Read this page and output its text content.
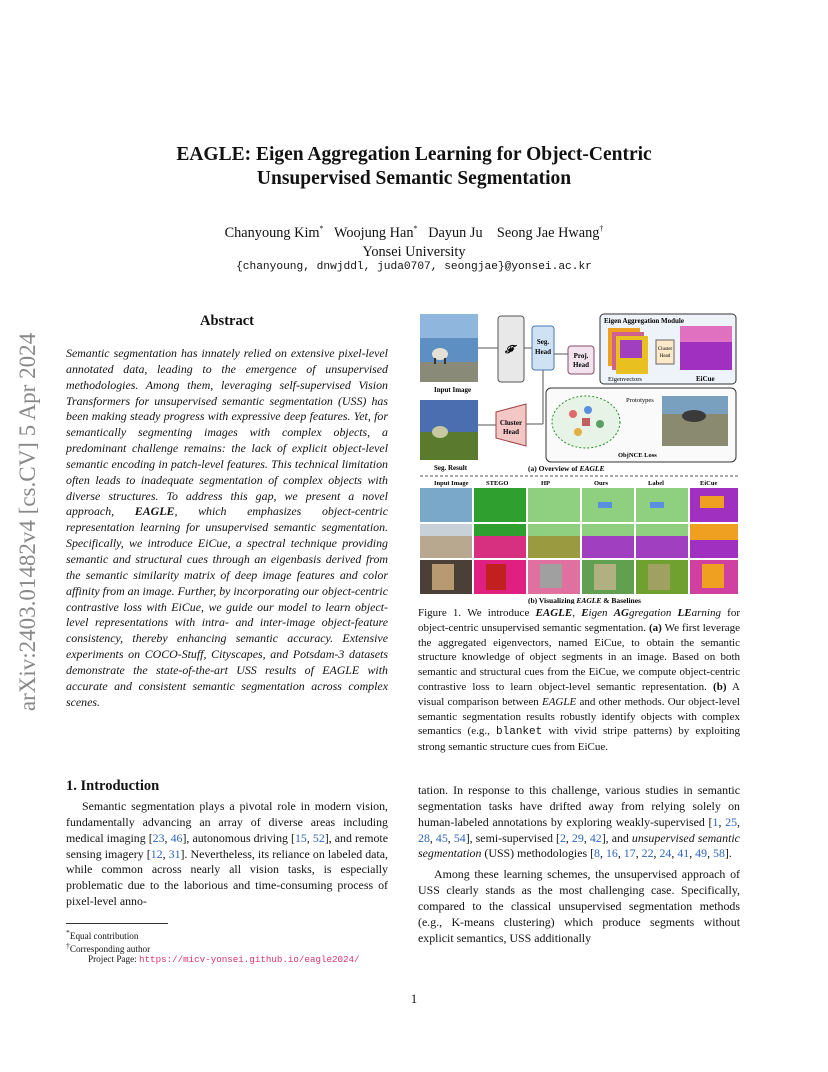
arXiv:2403.01482v4 [cs.CV] 5 Apr 2024
EAGLE: Eigen Aggregation Learning for Object-Centric
Unsupervised Semantic Segmentation
Chanyoung Kim* Woojung Han* Dayun Ju Seong Jae Hwang†
Yonsei University
{chanyoung, dnwjddl, juda0707, seongjae}@yonsei.ac.kr
Abstract
Semantic segmentation has innately relied on extensive pixel-level annotated data, leading to the emergence of unsupervised methodologies. Among them, leveraging self-supervised Vision Transformers for unsupervised semantic segmentation (USS) has been making steady progress with expressive deep features. Yet, for semantically segmenting images with complex objects, a predominant challenge remains: the lack of explicit object-level semantic encoding in patch-level features. This technical limitation often leads to inadequate segmentation of complex objects with diverse structures. To address this gap, we present a novel approach, EAGLE, which emphasizes object-centric representation learning for unsupervised semantic segmentation. Specifically, we introduce EiCue, a spectral technique providing semantic and structural cues through an eigenbasis derived from the semantic similarity matrix of deep image features and color affinity from an image. Further, by incorporating our object-centric contrastive loss with EiCue, we guide our model to learn object-level representations with intra- and inter-image object-feature consistency, thereby enhancing semantic accuracy. Extensive experiments on COCO-Stuff, Cityscapes, and Potsdam-3 datasets demonstrate the state-of-the-art USS results of EAGLE with accurate and consistent semantic segmentation across complex scenes.
1. Introduction
Semantic segmentation plays a pivotal role in modern vision, fundamentally advancing an array of diverse areas including medical imaging [23, 46], autonomous driving [15, 52], and remote sensing imagery [12, 31]. Nevertheless, its reliance on labeled data, while common across nearly all vision tasks, is especially problematic due to the laborious and time-consuming process of pixel-level anno-
*Equal contribution
†Corresponding author
Project Page: https://micv-yonsei.github.io/eagle2024/
Input Image
Seg. Result
𝓕
Seg.
Head	Proj.
Head
Cluster
Head
Eigen Aggregation Module
Eigenvectors
Cluster
Head
EiCue
Prototypes
ObjNCE Loss
(a) Overview of EAGLE
Input Image	STEGO	HP	Ours	Label	EiCue
(b) Visualizing EAGLE & Baselines
Figure 1. We introduce EAGLE, Eigen AGgregation LEarning for object-centric unsupervised semantic segmentation. (a) We first leverage the aggregated eigenvectors, named EiCue, to obtain the semantic structure knowledge of object segments in an image. Based on both semantic and structural cues from the EiCue, we compute object-centric contrastive loss to learn object-level semantic representation. (b) A visual comparison between EAGLE and other methods. Our object-level semantic segmentation results robustly identify objects with complex semantics (e.g., blanket with vivid stripe patterns) by exploiting strong semantic structure cues from EiCue.

tation. In response to this challenge, various studies in semantic segmentation tasks have drifted away from relying solely on human-labeled annotations by exploring weakly-supervised [1, 25, 28, 45, 54], semi-supervised [2, 29, 42], and unsupervised semantic segmentation (USS) methodologies [8, 16, 17, 22, 24, 41, 49, 58].

Among these learning schemes, the unsupervised approach of USS clearly stands as the most challenging case. Specifically, compared to the classical unsupervised segmentation methods (e.g., K-means clustering) which produce segments without explicit semantics, USS additionally

1
